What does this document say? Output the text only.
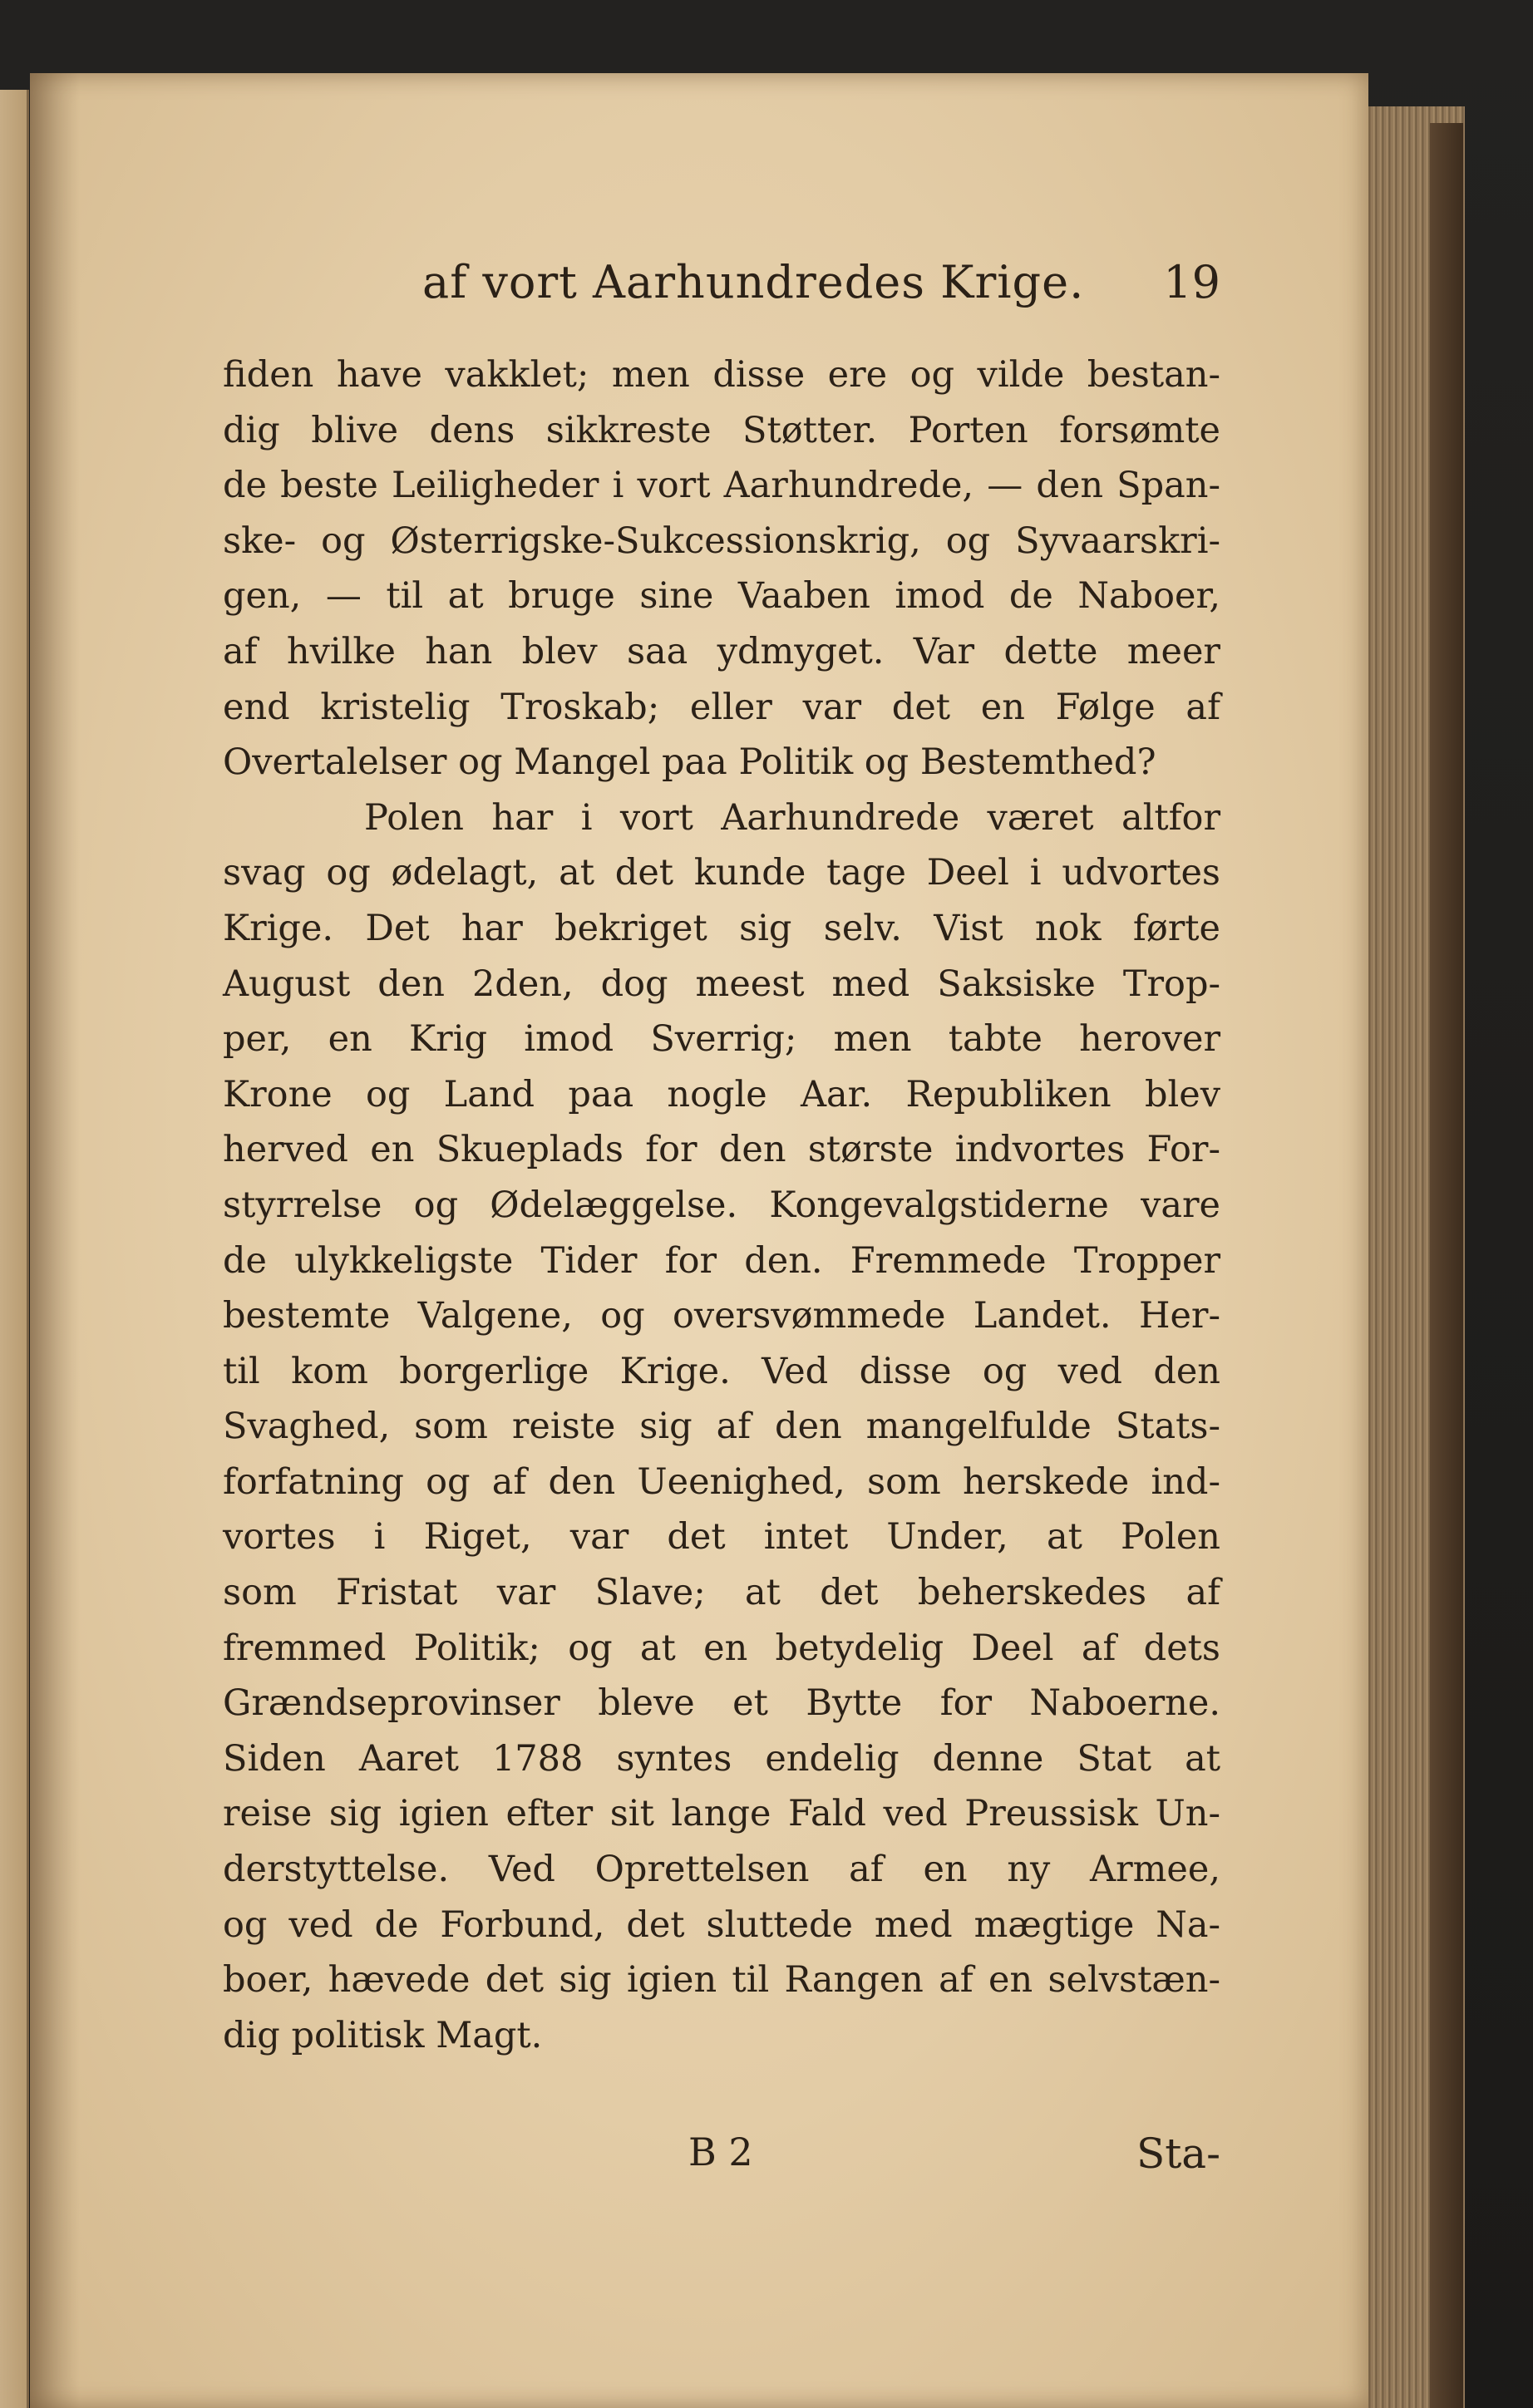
af vort Aarhundredes Krige. 19
fiden have vakklet; men disse ere og vilde bestan-
dig blive dens sikkreste Støtter. Porten forsømte
de beste Leiligheder i vort Aarhundrede, — den Span-
ske- og Østerrigske-Sukcessionskrig, og Syvaarskri-
gen, — til at bruge sine Vaaben imod de Naboer,
af hvilke han blev saa ydmyget. Var dette meer
end kristelig Troskab; eller var det en Følge af
Overtalelser og Mangel paa Politik og Bestemthed?
Polen har i vort Aarhundrede været altfor
svag og ødelagt, at det kunde tage Deel i udvortes
Krige. Det har bekriget sig selv. Vist nok førte
August den 2den, dog meest med Saksiske Trop-
per, en Krig imod Sverrig; men tabte herover
Krone og Land paa nogle Aar. Republiken blev
herved en Skueplads for den største indvortes For-
styrrelse og Ødelæggelse. Kongevalgstiderne vare
de ulykkeligste Tider for den. Fremmede Tropper
bestemte Valgene, og oversvømmede Landet. Her-
til kom borgerlige Krige. Ved disse og ved den
Svaghed, som reiste sig af den mangelfulde Stats-
forfatning og af den Ueenighed, som herskede ind-
vortes i Riget, var det intet Under, at Polen
som Fristat var Slave; at det beherskedes af
fremmed Politik; og at en betydelig Deel af dets
Grændseprovinser bleve et Bytte for Naboerne.
Siden Aaret 1788 syntes endelig denne Stat at
reise sig igien efter sit lange Fald ved Preussisk Un-
derstyttelse. Ved Oprettelsen af en ny Armee,
og ved de Forbund, det sluttede med mægtige Na-
boer, hævede det sig igien til Rangen af en selvstæn-
dig politisk Magt.
B 2	Sta-
